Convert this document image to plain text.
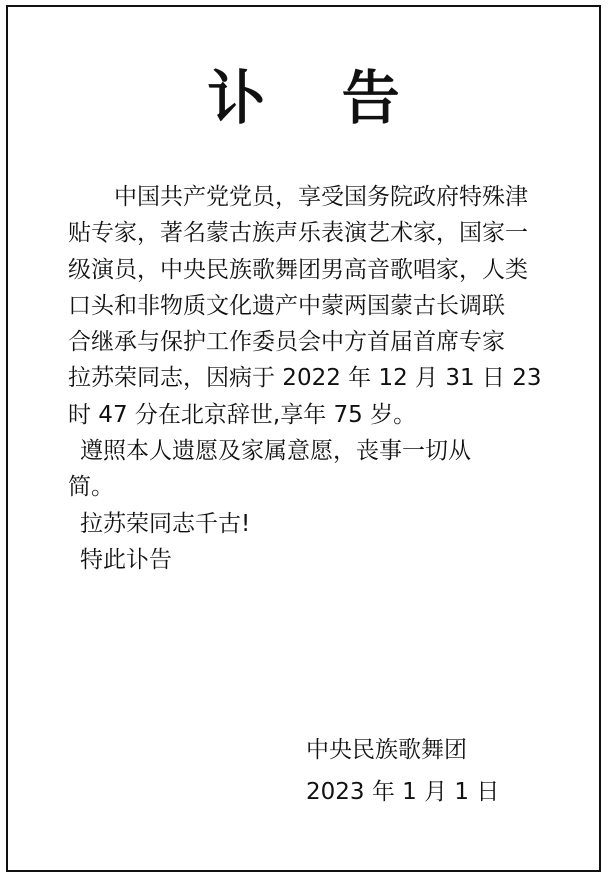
讣 告
中国共产党党员，享受国务院政府特殊津
贴专家，著名蒙古族声乐表演艺术家，国家一
级演员，中央民族歌舞团男高音歌唱家，人类
口头和非物质文化遗产中蒙两国蒙古长调联
合继承与保护工作委员会中方首届首席专家
拉苏荣同志，因病于 2022 年 12 月 31 日 23
时 47 分在北京辞世,享年 75 岁。
遵照本人遗愿及家属意愿，丧事一切从
简。
拉苏荣同志千古!
特此讣告
中央民族歌舞团
2023 年 1 月 1 日
